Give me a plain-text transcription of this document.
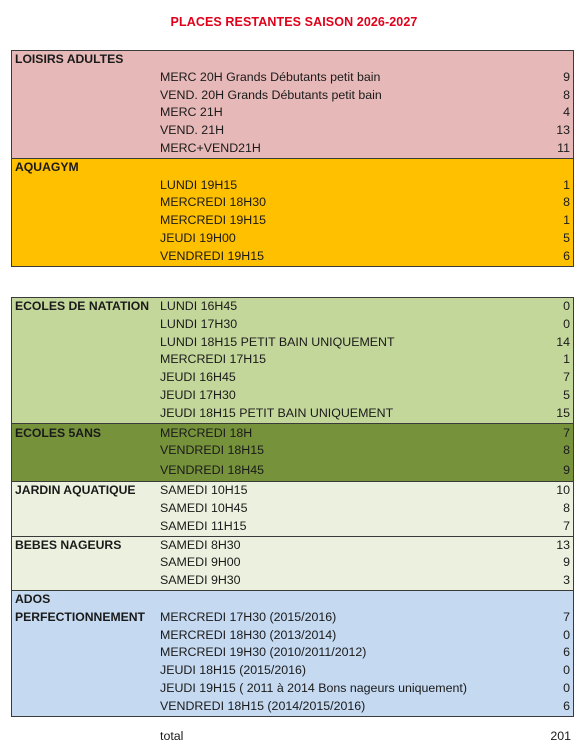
PLACES RESTANTES SAISON 2026-2027
LOISIRS ADULTES
MERC 20H Grands Débutants petit bain	9
VEND. 20H Grands Débutants petit bain	8
MERC 21H	4
VEND. 21H	13
MERC+VEND21H	11
AQUAGYM
LUNDI 19H15	1
MERCREDI 18H30	8
MERCREDI 19H15	1
JEUDI 19H00	5
VENDREDI 19H15	6
ECOLES DE NATATION LUNDI 16H45	0
LUNDI 17H30	0
LUNDI 18H15 PETIT BAIN UNIQUEMENT	14
MERCREDI 17H15	1
JEUDI 16H45	7
JEUDI 17H30	5
JEUDI 18H15 PETIT BAIN UNIQUEMENT	15
ECOLES 5ANS	MERCREDI 18H	7
VENDREDI 18H15	8
VENDREDI 18H45	9
JARDIN AQUATIQUE SAMEDI 10H15	10
SAMEDI 10H45	8
SAMEDI 11H15	7
BEBES NAGEURS	SAMEDI 8H30	13
SAMEDI 9H00	9
SAMEDI 9H30	3
ADOS
PERFECTIONNEMENT MERCREDI 17H30 (2015/2016)	7
MERCREDI 18H30 (2013/2014)	0
MERCREDI 19H30 (2010/2011/2012)	6
JEUDI 18H15 (2015/2016)	0
JEUDI 19H15 ( 2011 à 2014 Bons nageurs uniquement)	0
VENDREDI 18H15 (2014/2015/2016)	6
total	201
